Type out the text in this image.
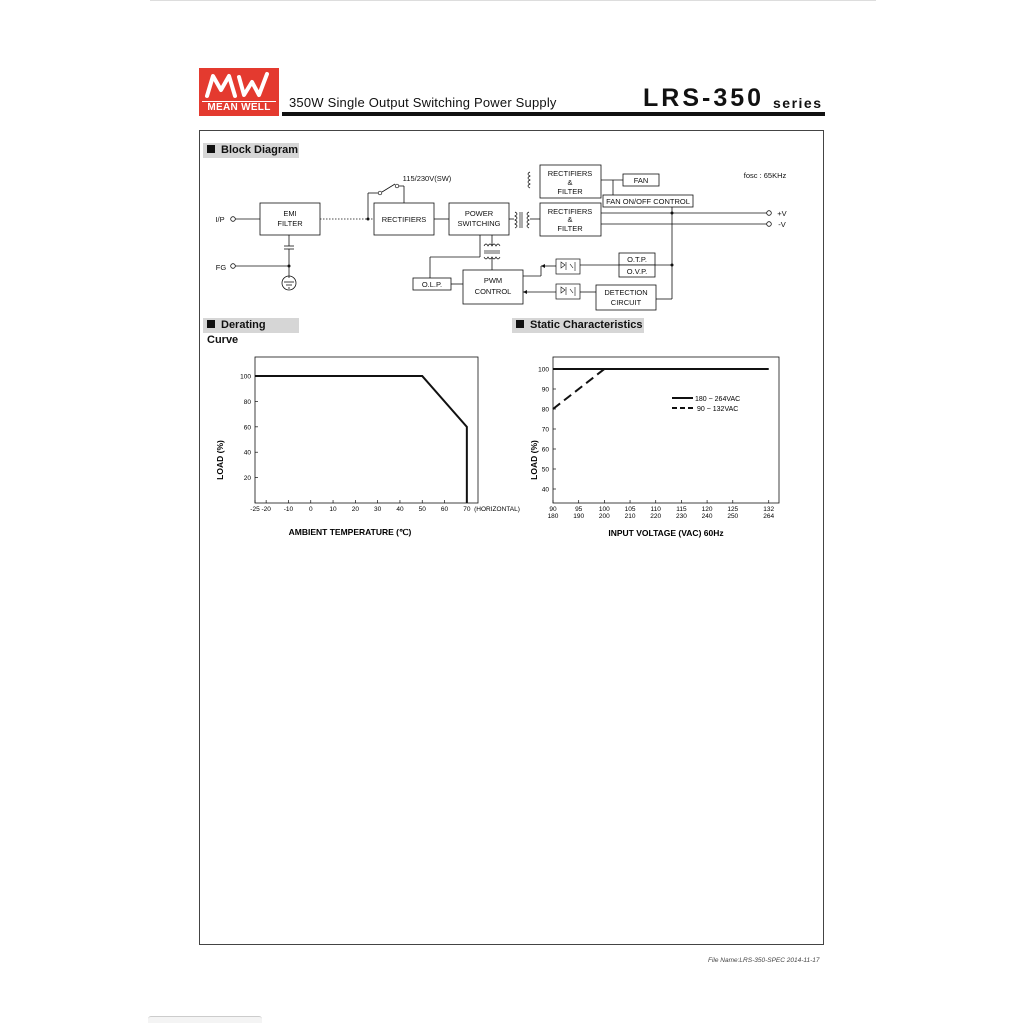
MEAN WELL	350W Single Output Switching Power Supply	LRS-350 series
Block Diagram
Derating Curve
Static Characteristics
I/P
FG
EMI
FILTER
115/230V(SW)
RECTIFIERS
POWER
SWITCHING
RECTIFIERS
&
FILTER
FAN
FAN ON/OFF CONTROL
fosc : 65KHz
RECTIFIERS
&
FILTER
+V
-V
O.T.P.
O.V.P.
DETECTION
CIRCUIT
PWM
CONTROL
O.L.P.
20
40
60
80
100
-25 -20 -10 0	10 20 30 40 50 60 70 (HORIZONTAL)
AMBIENT TEMPERATURE (℃)
LOAD (%)
40
50
60
70
80
90
100
90
180
95
190
100
200
105
210
110
220
115
230
120
240
125
250
132
264
180 ~ 264VAC
90 ~ 132VAC
INPUT VOLTAGE (VAC) 60Hz
LOAD (%)
File Name:LRS-350-SPEC 2014-11-17
